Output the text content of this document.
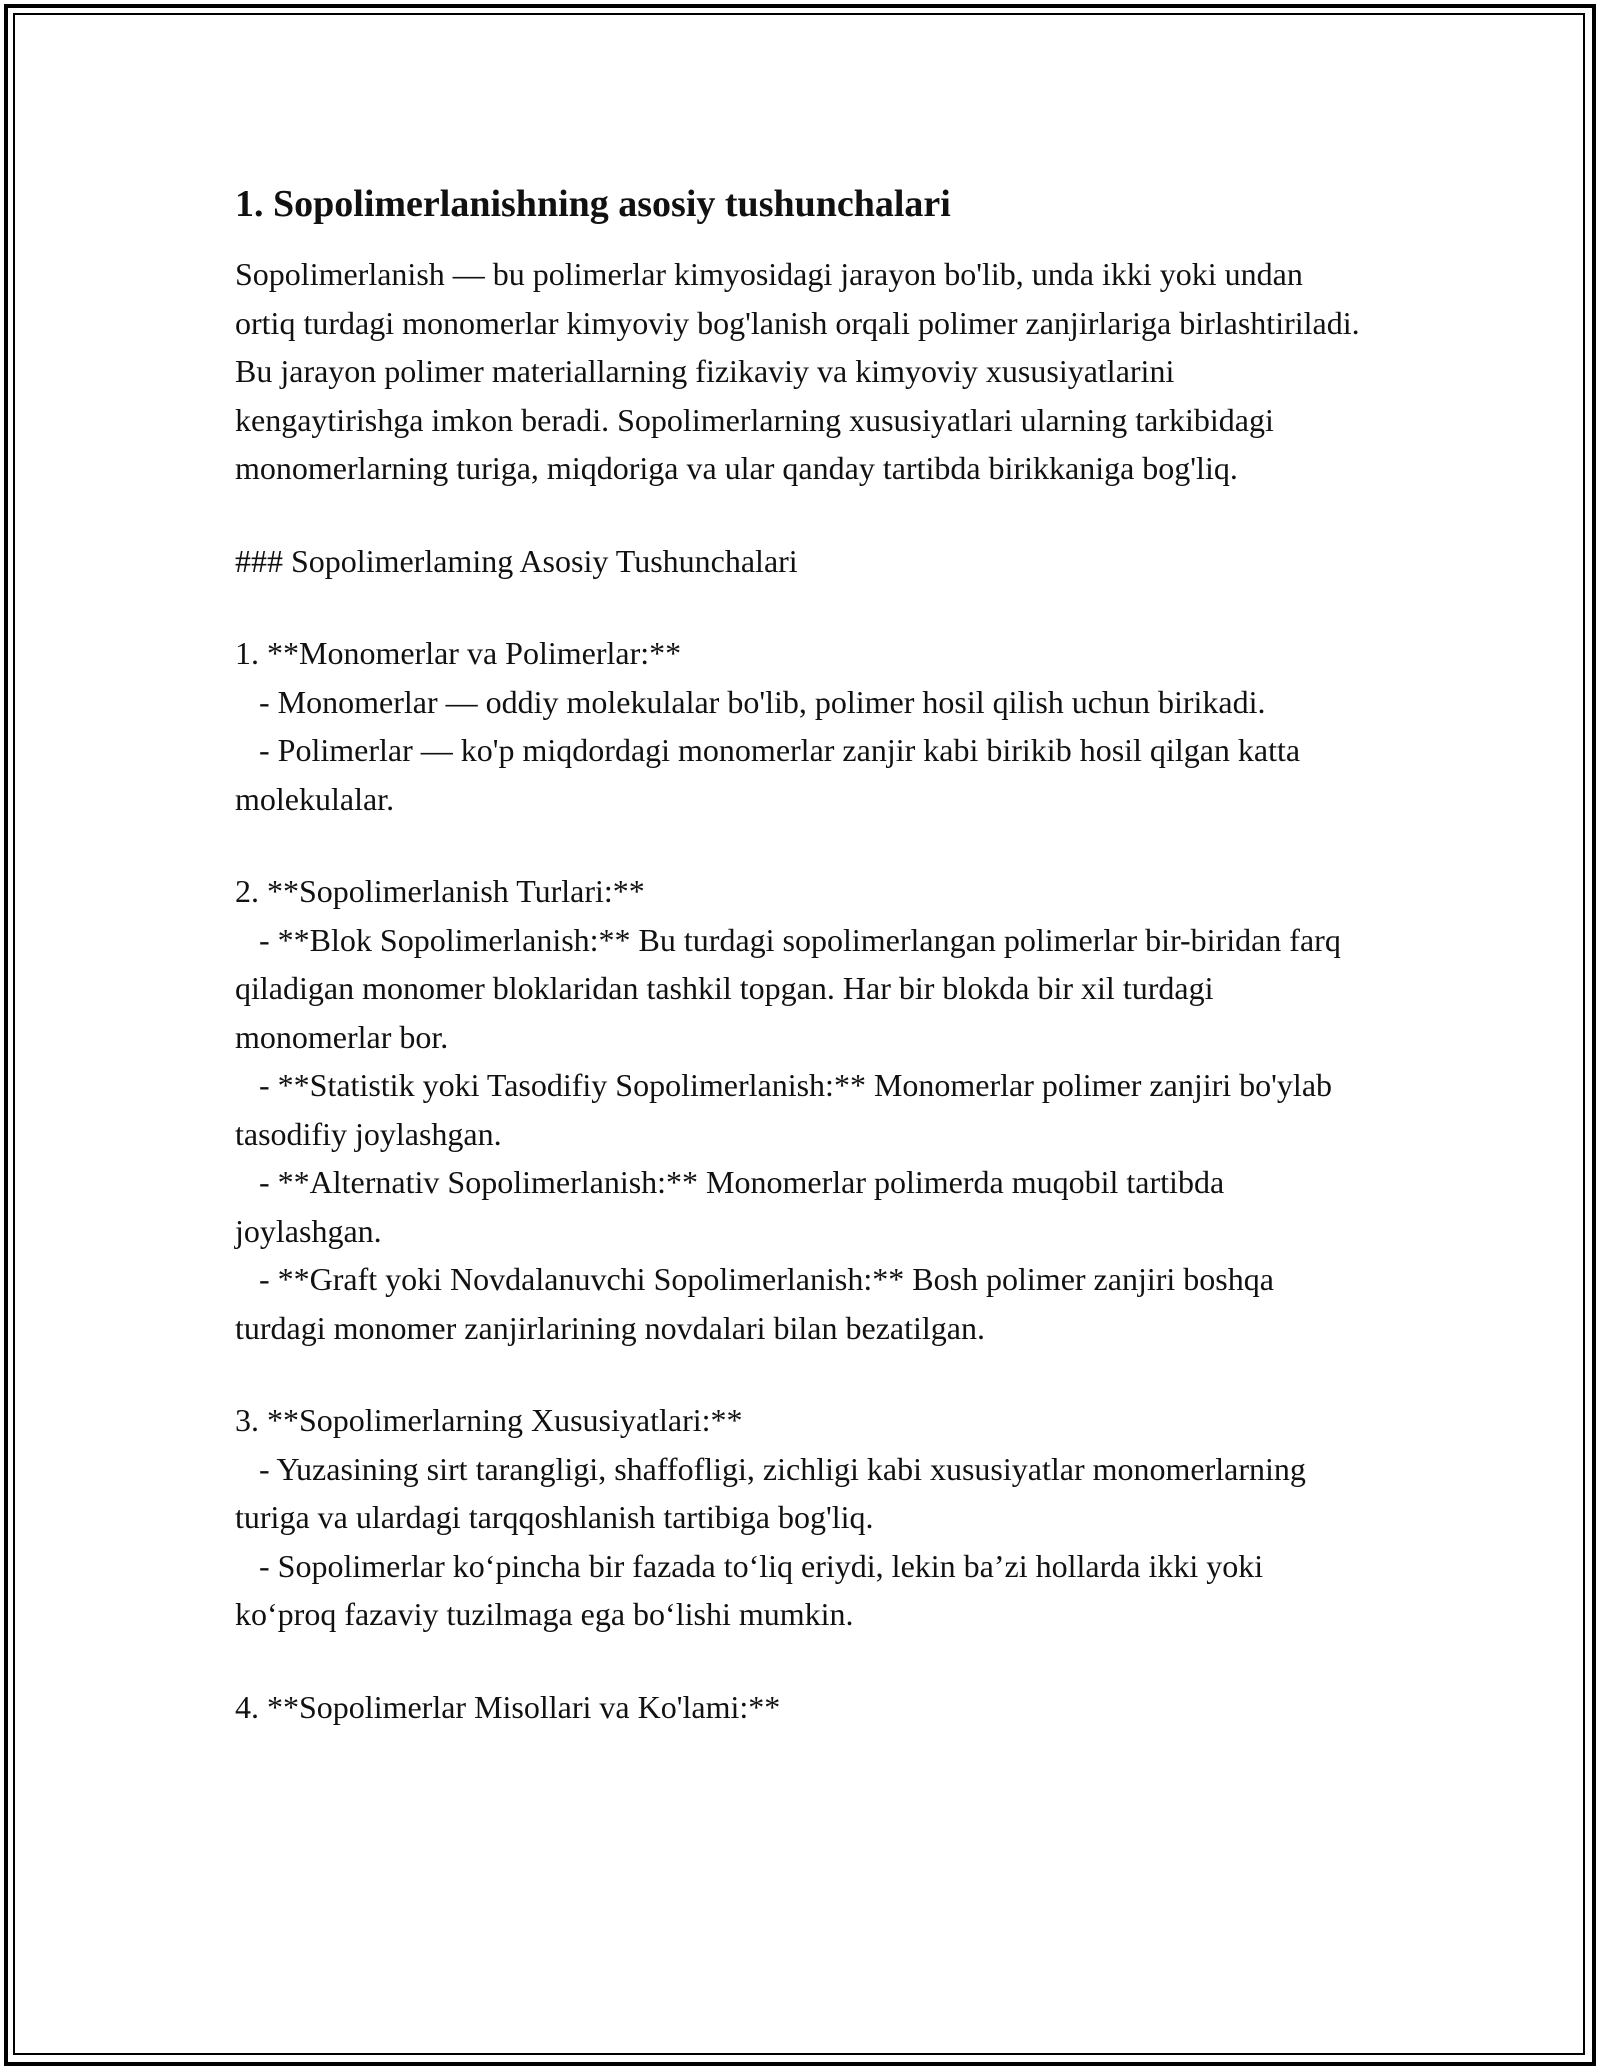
1. Sopolimerlanishning asosiy tushunchalari

Sopolimerlanish — bu polimerlar kimyosidagi jarayon bo'lib, unda ikki yoki undan ortiq turdagi monomerlar kimyoviy bog'lanish orqali polimer zanjirlariga birlashtiriladi. Bu jarayon polimer materiallarning fizikaviy va kimyoviy xususiyatlarini kengaytirishga imkon beradi. Sopolimerlarning xususiyatlari ularning tarkibidagi monomerlarning turiga, miqdoriga va ular qanday tartibda birikkaniga bog'liq.

### Sopolimerlaming Asosiy Tushunchalari

1. **Monomerlar va Polimerlar:**

- Monomerlar — oddiy molekulalar bo'lib, polimer hosil qilish uchun birikadi.

- Polimerlar — ko'p miqdordagi monomerlar zanjir kabi birikib hosil qilgan katta molekulalar.

2. **Sopolimerlanish Turlari:**

- **Blok Sopolimerlanish:** Bu turdagi sopolimerlangan polimerlar bir-biridan farq qiladigan monomer bloklaridan tashkil topgan. Har bir blokda bir xil turdagi monomerlar bor.

- **Statistik yoki Tasodifiy Sopolimerlanish:** Monomerlar polimer zanjiri bo'ylab tasodifiy joylashgan.

- **Alternativ Sopolimerlanish:** Monomerlar polimerda muqobil tartibda joylashgan.

- **Graft yoki Novdalanuvchi Sopolimerlanish:** Bosh polimer zanjiri boshqa turdagi monomer zanjirlarining novdalari bilan bezatilgan.

3. **Sopolimerlarning Xususiyatlari:**

- Yuzasining sirt tarangligi, shaffofligi, zichligi kabi xususiyatlar monomerlarning turiga va ulardagi tarqqoshlanish tartibiga bog'liq.

- Sopolimerlar koʻpincha bir fazada toʻliq eriydi, lekin baʼzi hollarda ikki yoki koʻproq fazaviy tuzilmaga ega boʻlishi mumkin.

4. **Sopolimerlar Misollari va Ko'lami:**
